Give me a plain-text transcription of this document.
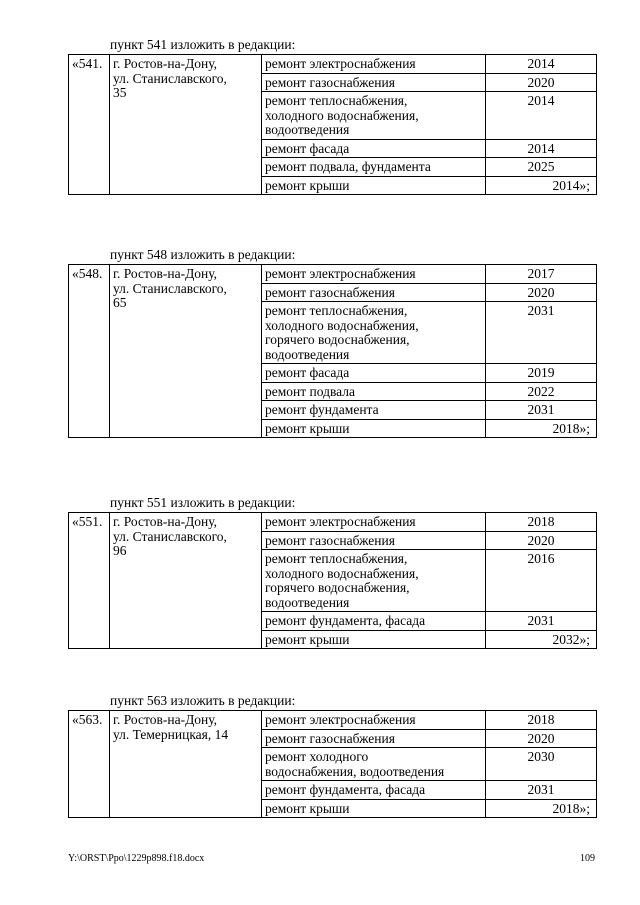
пункт 541 изложить в редакции:
«541.	г. Ростов-на-Дону,
ул. Станиславского,
35	ремонт электроснабжения	2014

		ремонт газоснабжения	2020

		ремонт теплоснабжения,
холодного водоснабжения,
водоотведения	2014

		ремонт фасада	2014

		ремонт подвала, фундамента	2025

		ремонт крыши	2014»;
пункт 548 изложить в редакции:
«548.	г. Ростов-на-Дону,
ул. Станиславского,
65	ремонт электроснабжения	2017

		ремонт газоснабжения	2020

		ремонт теплоснабжения,
холодного водоснабжения,
горячего водоснабжения,
водоотведения	2031

		ремонт фасада	2019

		ремонт подвала	2022

		ремонт фундамента	2031

		ремонт крыши	2018»;
пункт 551 изложить в редакции:
«551.	г. Ростов-на-Дону,
ул. Станиславского,
96	ремонт электроснабжения	2018

		ремонт газоснабжения	2020

		ремонт теплоснабжения,
холодного водоснабжения,
горячего водоснабжения,
водоотведения	2016

		ремонт фундамента, фасада	2031

		ремонт крыши	2032»;
пункт 563 изложить в редакции:
«563.	г. Ростов-на-Дону,
ул. Темерницкая, 14	ремонт электроснабжения	2018

		ремонт газоснабжения	2020

		ремонт холодного
водоснабжения, водоотведения	2030

		ремонт фундамента, фасада	2031

		ремонт крыши	2018»;
Y:\ORST\Ppo\1229p898.f18.docx	109
